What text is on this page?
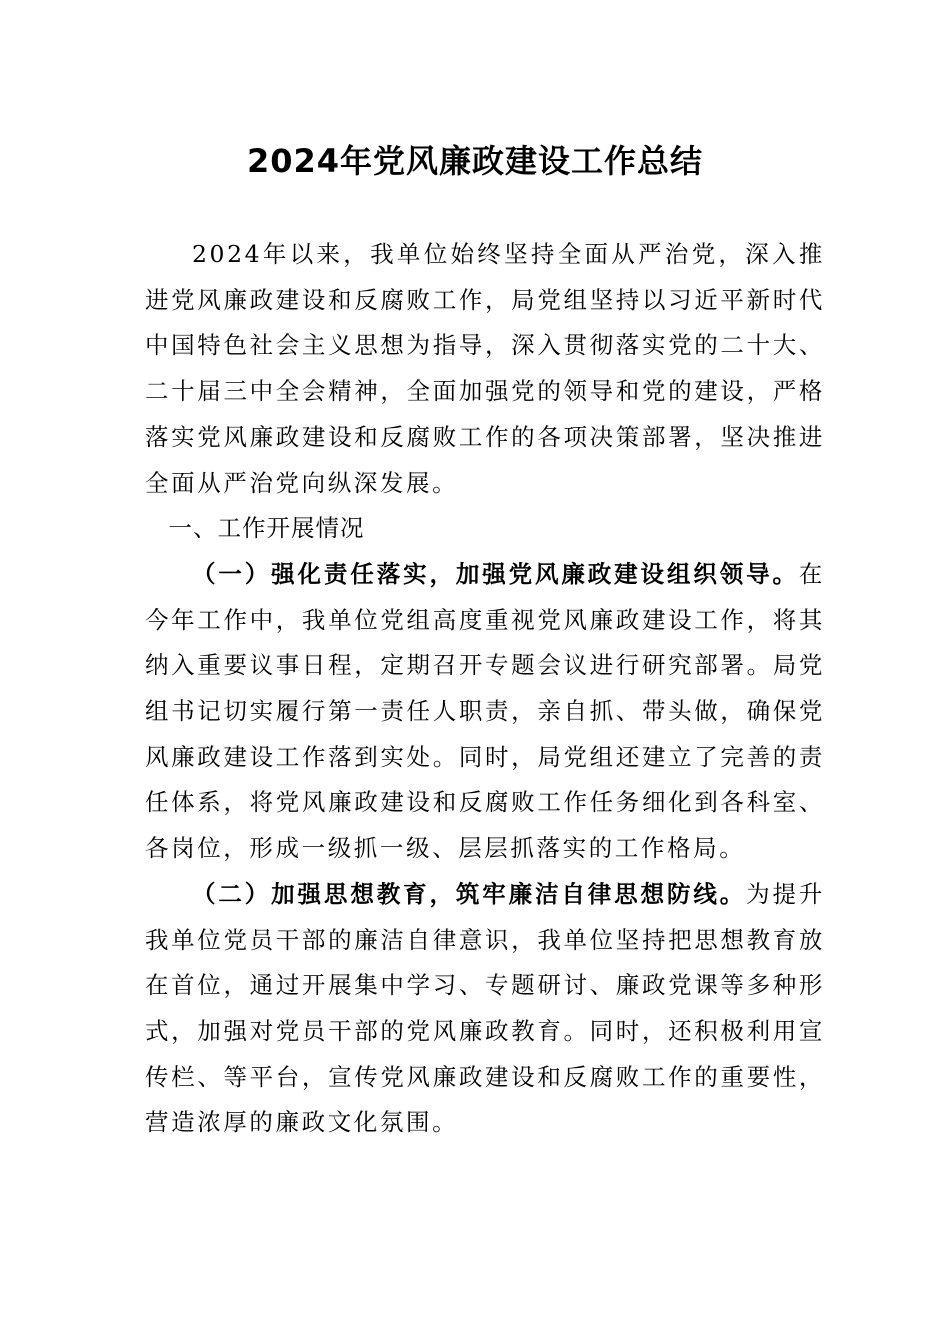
2024年党风廉政建设工作总结

2024年以来，我单位始终坚持全面从严治党，深入推进党风廉政建设和反腐败工作，局党组坚持以习近平新时代中国特色社会主义思想为指导，深入贯彻落实党的二十大、二十届三中全会精神，全面加强党的领导和党的建设，严格落实党风廉政建设和反腐败工作的各项决策部署，坚决推进全面从严治党向纵深发展。

一、工作开展情况

（一）强化责任落实，加强党风廉政建设组织领导。在今年工作中，我单位党组高度重视党风廉政建设工作，将其纳入重要议事日程，定期召开专题会议进行研究部署。局党组书记切实履行第一责任人职责，亲自抓、带头做，确保党风廉政建设工作落到实处。同时，局党组还建立了完善的责任体系，将党风廉政建设和反腐败工作任务细化到各科室、各岗位，形成一级抓一级、层层抓落实的工作格局。

（二）加强思想教育，筑牢廉洁自律思想防线。为提升我单位党员干部的廉洁自律意识，我单位坚持把思想教育放在首位，通过开展集中学习、专题研讨、廉政党课等多种形式，加强对党员干部的党风廉政教育。同时，还积极利用宣传栏、等平台，宣传党风廉政建设和反腐败工作的重要性，营造浓厚的廉政文化氛围。
